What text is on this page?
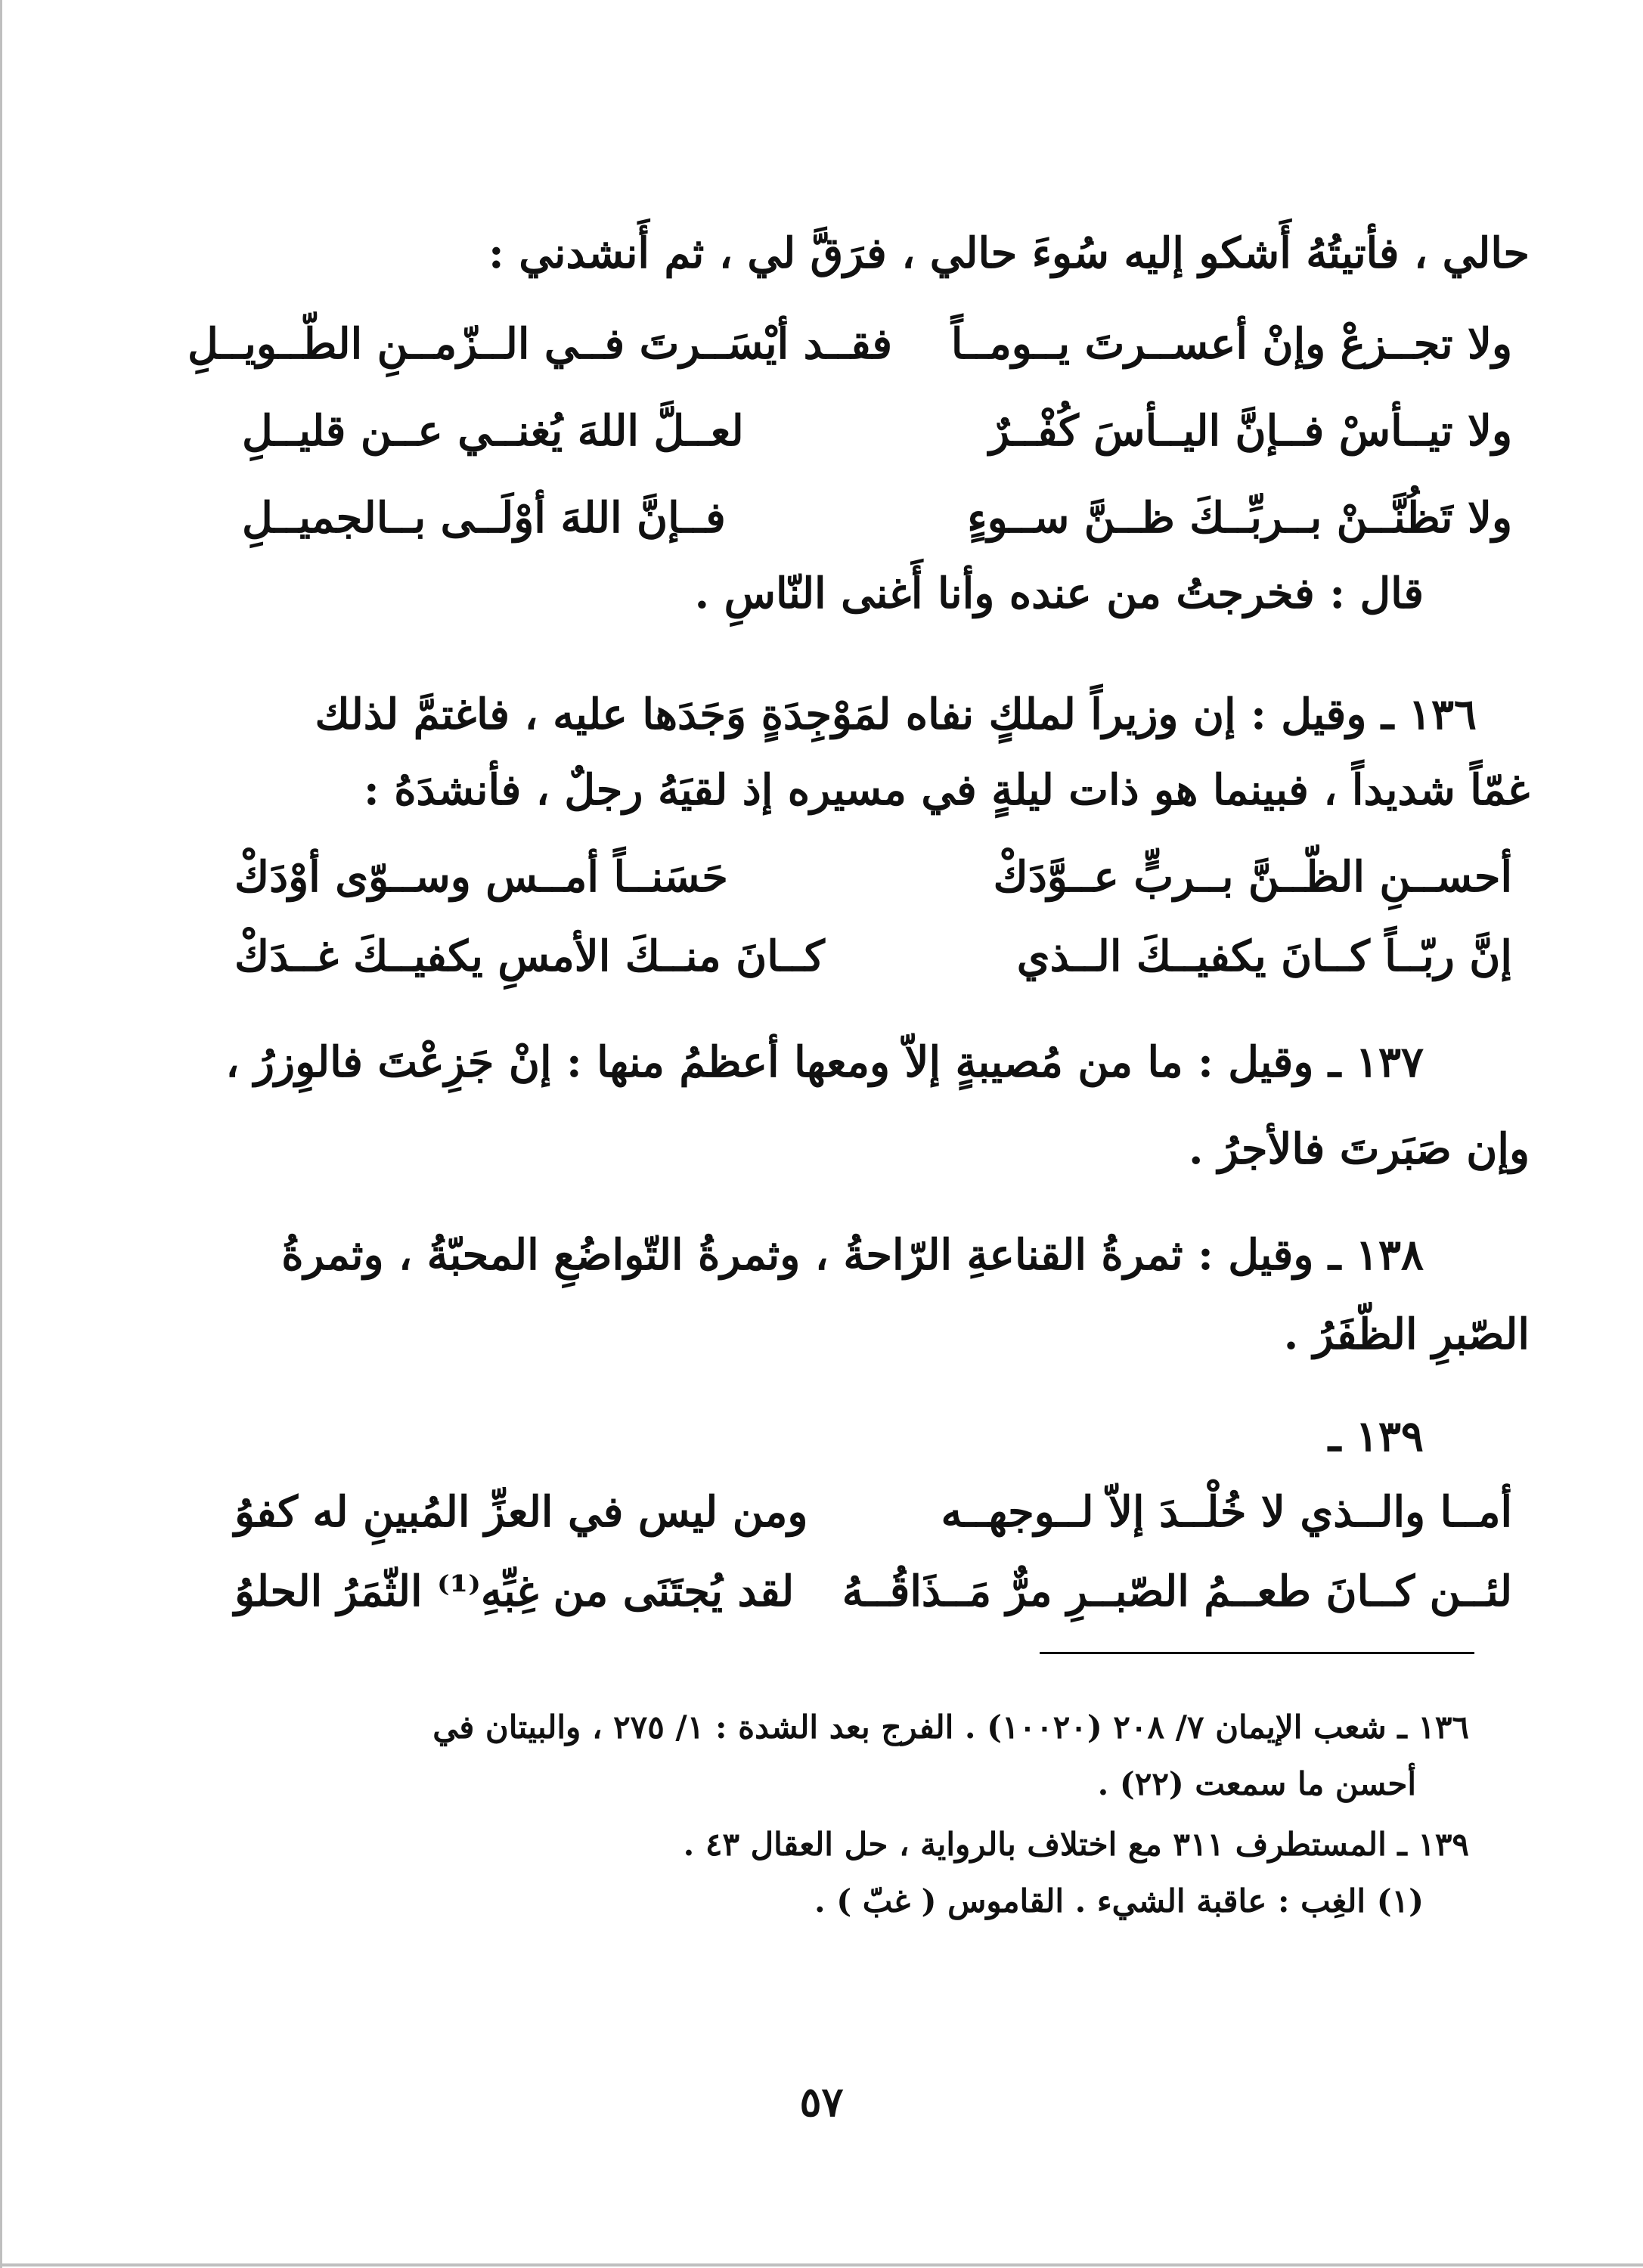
حالي ، فأتيتُهُ أَشكو إليه سُوءَ حالي ، فرَقَّ لي ، ثم أَنشدني :
ولا تجــزعْ وإنْ أعســرتَ يــومــاً
فقــد أيْسَــرتَ فــي الــزّمــنِ الطّــويــلِ
ولا تيــأسْ فــإنَّ اليــأسَ كُفْــرٌ
لعــلَّ اللهَ يُغنــي عــن قليــلِ
ولا تَظُنَّــنْ بــربِّــكَ ظــنَّ ســوءٍ
فــإنَّ اللهَ أوْلَــى بــالجميــلِ
قال : فخرجتُ من عنده وأنا أَغنى النّاسِ .
١٣٦ ـ وقيل : إن وزيراً لملكٍ نفاه لمَوْجِدَةٍ وَجَدَها عليه ، فاغتمَّ لذلك
غمّاً شديداً ، فبينما هو ذات ليلةٍ في مسيره إذ لقيَهُ رجلٌ ، فأنشدَهُ :
أحســنِ الظّــنَّ بــربٍّ عــوَّدَكْ
حَسَنــاً أمــس وســوّى أوْدَكْ
إنَّ ربّــاً كــانَ يكفيــكَ الــذي
كــانَ منــكَ الأمسِ يكفيــكَ غــدَكْ
١٣٧ ـ وقيل : ما من مُصيبةٍ إلاّ ومعها أعظمُ منها : إنْ جَزِعْتَ فالوِزرُ ،
وإن صَبَرتَ فالأجرُ .
١٣٨ ـ وقيل : ثمرةُ القناعةِ الرّاحةُ ، وثمرةُ التّواضُعِ المحبّةُ ، وثمرةُ
الصّبرِ الظّفَرُ .
١٣٩ ـ
أمــا والــذي لا خُلْــدَ إلاّ لــوجهــه
ومن ليس في العزِّ المُبينِ له كفوُ
لئــن كــانَ طعــمُ الصّبــرِ مرٌّ مَــذَاقُــهُ
لقد يُجتَنَى من غِبِّهِ⁽¹⁾ الثّمَرُ الحلوُ
١٣٦ ـ شعب الإيمان ٧/ ٢٠٨ (١٠٠٢٠) . الفرج بعد الشدة : ١/ ٢٧٥ ، والبيتان في
أحسن ما سمعت (٢٢) .
١٣٩ ـ المستطرف ٣١١ مع اختلاف بالرواية ، حل العقال ٤٣ .
(١) الغِب : عاقبة الشيء . القاموس ( غبّ ) .
٥٧
